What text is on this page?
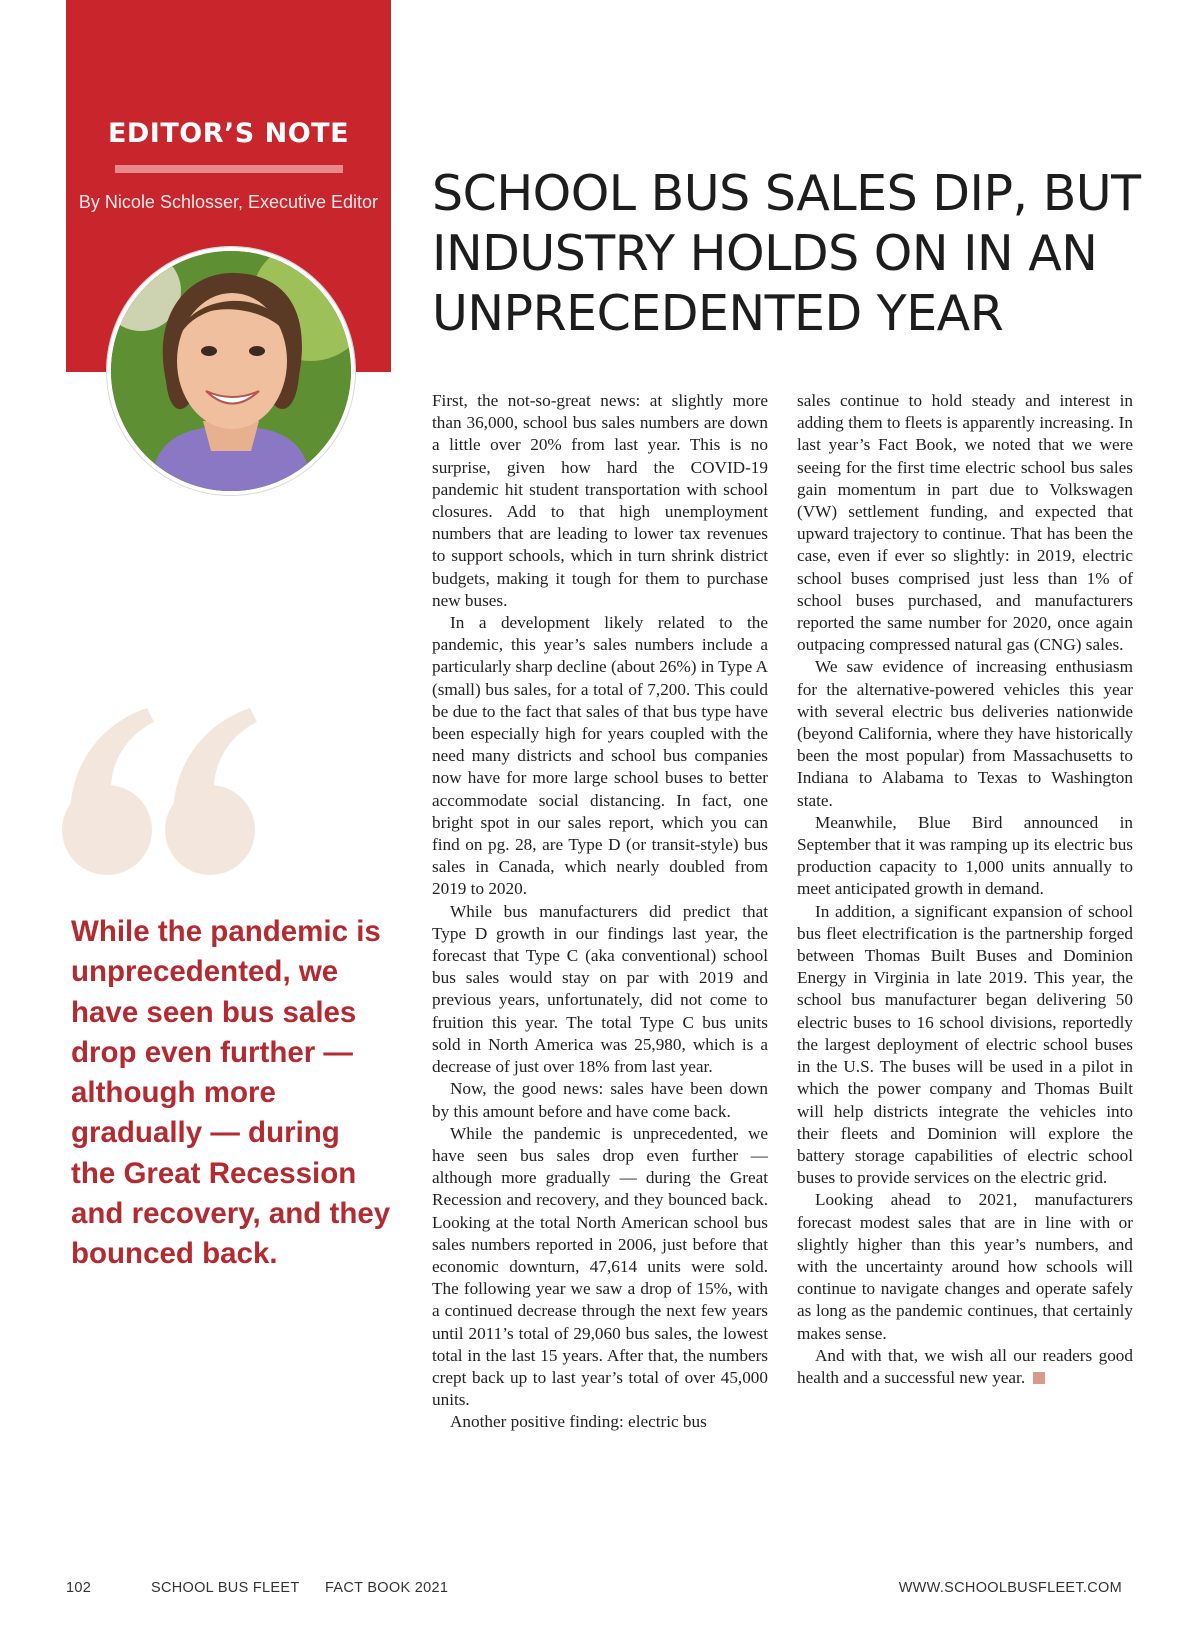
EDITOR’S NOTE
By Nicole Schlosser, Executive Editor
While the pandemic is unprecedented, we have seen bus sales drop even further — although more gradually — during the Great Recession and recovery, and they bounced back.
SCHOOL BUS SALES DIP, BUT INDUSTRY HOLDS ON IN AN UNPRECEDENTED YEAR

First, the not-so-great news: at slightly more than 36,000, school bus sales numbers are down a little over 20% from last year. This is no surprise, given how hard the COVID-19 pandemic hit student transportation with school closures. Add to that high unemployment numbers that are leading to lower tax revenues to support schools, which in turn shrink district budgets, making it tough for them to purchase new buses.

In a development likely related to the pandemic, this year’s sales numbers include a particularly sharp decline (about 26%) in Type A (small) bus sales, for a total of 7,200. This could be due to the fact that sales of that bus type have been especially high for years coupled with the need many districts and school bus companies now have for more large school buses to better accommodate social distancing. In fact, one bright spot in our sales report, which you can find on pg. 28, are Type D (or transit-style) bus sales in Canada, which nearly doubled from 2019 to 2020.

While bus manufacturers did predict that Type D growth in our findings last year, the forecast that Type C (aka conventional) school bus sales would stay on par with 2019 and previous years, unfortunately, did not come to fruition this year. The total Type C bus units sold in North America was 25,980, which is a decrease of just over 18% from last year.

Now, the good news: sales have been down by this amount before and have come back.

While the pandemic is unprecedented, we have seen bus sales drop even further — although more gradually — during the Great Recession and recovery, and they bounced back. Looking at the total North American school bus sales numbers reported in 2006, just before that economic downturn, 47,614 units were sold. The following year we saw a drop of 15%, with a continued decrease through the next few years until 2011’s total of 29,060 bus sales, the lowest total in the last 15 years. After that, the numbers crept back up to last year’s total of over 45,000 units.

Another positive finding: electric bus

sales continue to hold steady and interest in adding them to fleets is apparently increasing. In last year’s Fact Book, we noted that we were seeing for the first time electric school bus sales gain momentum in part due to Volkswagen (VW) settlement funding, and expected that upward trajectory to continue. That has been the case, even if ever so slightly: in 2019, electric school buses comprised just less than 1% of school buses purchased, and manufacturers reported the same number for 2020, once again outpacing compressed natural gas (CNG) sales.

We saw evidence of increasing enthusiasm for the alternative-powered vehicles this year with several electric bus deliveries nationwide (beyond California, where they have historically been the most popular) from Massachusetts to Indiana to Alabama to Texas to Washington state.

Meanwhile, Blue Bird announced in September that it was ramping up its electric bus production capacity to 1,000 units annually to meet anticipated growth in demand.

In addition, a significant expansion of school bus fleet electrification is the partnership forged between Thomas Built Buses and Dominion Energy in Virginia in late 2019. This year, the school bus manufacturer began delivering 50 electric buses to 16 school divisions, reportedly the largest deployment of electric school buses in the U.S. The buses will be used in a pilot in which the power company and Thomas Built will help districts integrate the vehicles into their fleets and Dominion will explore the battery storage capabilities of electric school buses to provide services on the electric grid.

Looking ahead to 2021, manufacturers forecast modest sales that are in line with or slightly higher than this year’s numbers, and with the uncertainty around how schools will continue to navigate changes and operate safely as long as the pandemic continues, that certainly makes sense.

And with that, we wish all our readers good health and a successful new year.

102	SCHOOL BUS FLEET FACT BOOK 2021	WWW.SCHOOLBUSFLEET.COM
